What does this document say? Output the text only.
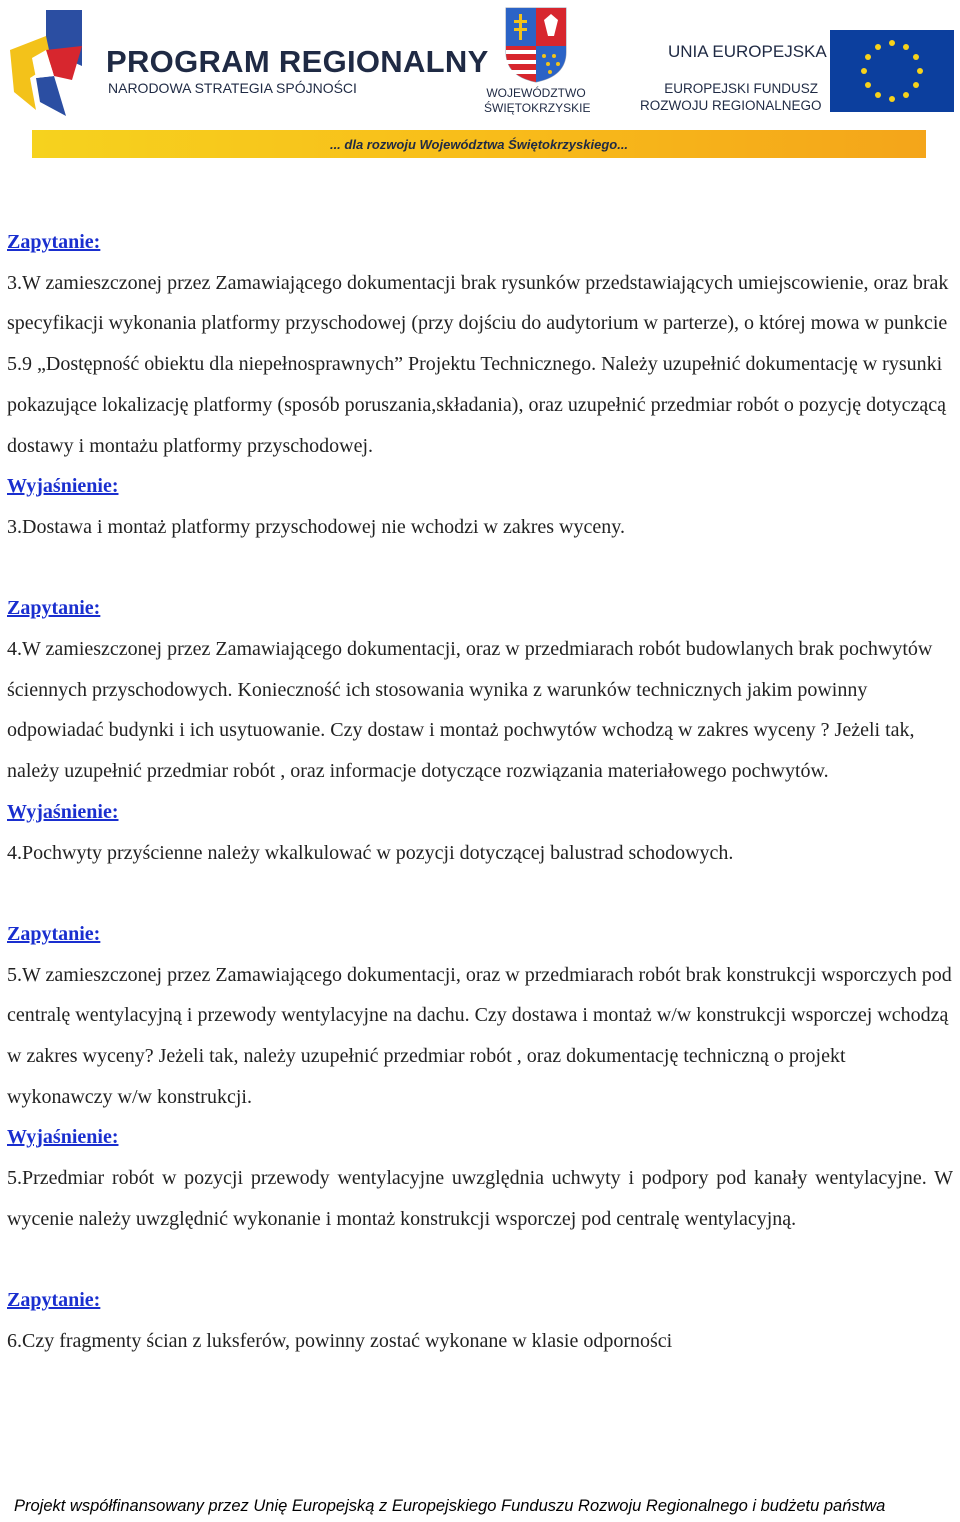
PROGRAM REGIONALNY
NARODOWA STRATEGIA SPÓJNOŚCI	WOJEWÓDZTWO
ŚWIĘTOKRZYSKIE
UNIA EUROPEJSKA
EUROPEJSKI FUNDUSZ
ROZWOJU REGIONALNEGO
... dla rozwoju Województwa Świętokrzyskiego...

Zapytanie:

3.W zamieszczonej przez Zamawiającego dokumentacji brak rysunków przedstawiających umiejscowienie, oraz brak specyfikacji wykonania platformy przyschodowej (przy dojściu do audytorium w parterze), o której mowa w punkcie 5.9 „Dostępność obiektu dla niepełnosprawnych” Projektu Technicznego. Należy uzupełnić dokumentację w rysunki pokazujące lokalizację platformy (sposób poruszania,składania), oraz uzupełnić przedmiar robót o pozycję dotyczącą dostawy i montażu platformy przyschodowej.

Wyjaśnienie:

3.Dostawa i montaż platformy przyschodowej nie wchodzi w zakres wyceny.

Zapytanie:

4.W zamieszczonej przez Zamawiającego dokumentacji, oraz w przedmiarach robót budowlanych brak pochwytów ściennych przyschodowych. Konieczność ich stosowania wynika z warunków technicznych jakim powinny odpowiadać budynki i ich usytuowanie. Czy dostaw i montaż pochwytów wchodzą w zakres wyceny ? Jeżeli tak, należy uzupełnić przedmiar robót , oraz informacje dotyczące rozwiązania materiałowego pochwytów.

Wyjaśnienie:

4.Pochwyty przyścienne należy wkalkulować w pozycji dotyczącej balustrad schodowych.

Zapytanie:

5.W zamieszczonej przez Zamawiającego dokumentacji, oraz w przedmiarach robót brak konstrukcji wsporczych pod centralę wentylacyjną i przewody wentylacyjne na dachu. Czy dostawa i montaż w/w konstrukcji wsporczej wchodzą w zakres wyceny? Jeżeli tak, należy uzupełnić przedmiar robót , oraz dokumentację techniczną o projekt wykonawczy w/w konstrukcji.

Wyjaśnienie:

5.Przedmiar robót w pozycji przewody wentylacyjne uwzględnia uchwyty i podpory pod kanały wentylacyjne. W wycenie należy uwzględnić wykonanie i montaż konstrukcji wsporczej pod centralę wentylacyjną.

Zapytanie:

6.Czy fragmenty ścian z luksferów, powinny zostać wykonane w klasie odporności

Projekt współfinansowany przez Unię Europejską z Europejskiego Funduszu Rozwoju Regionalnego i budżetu państwa
